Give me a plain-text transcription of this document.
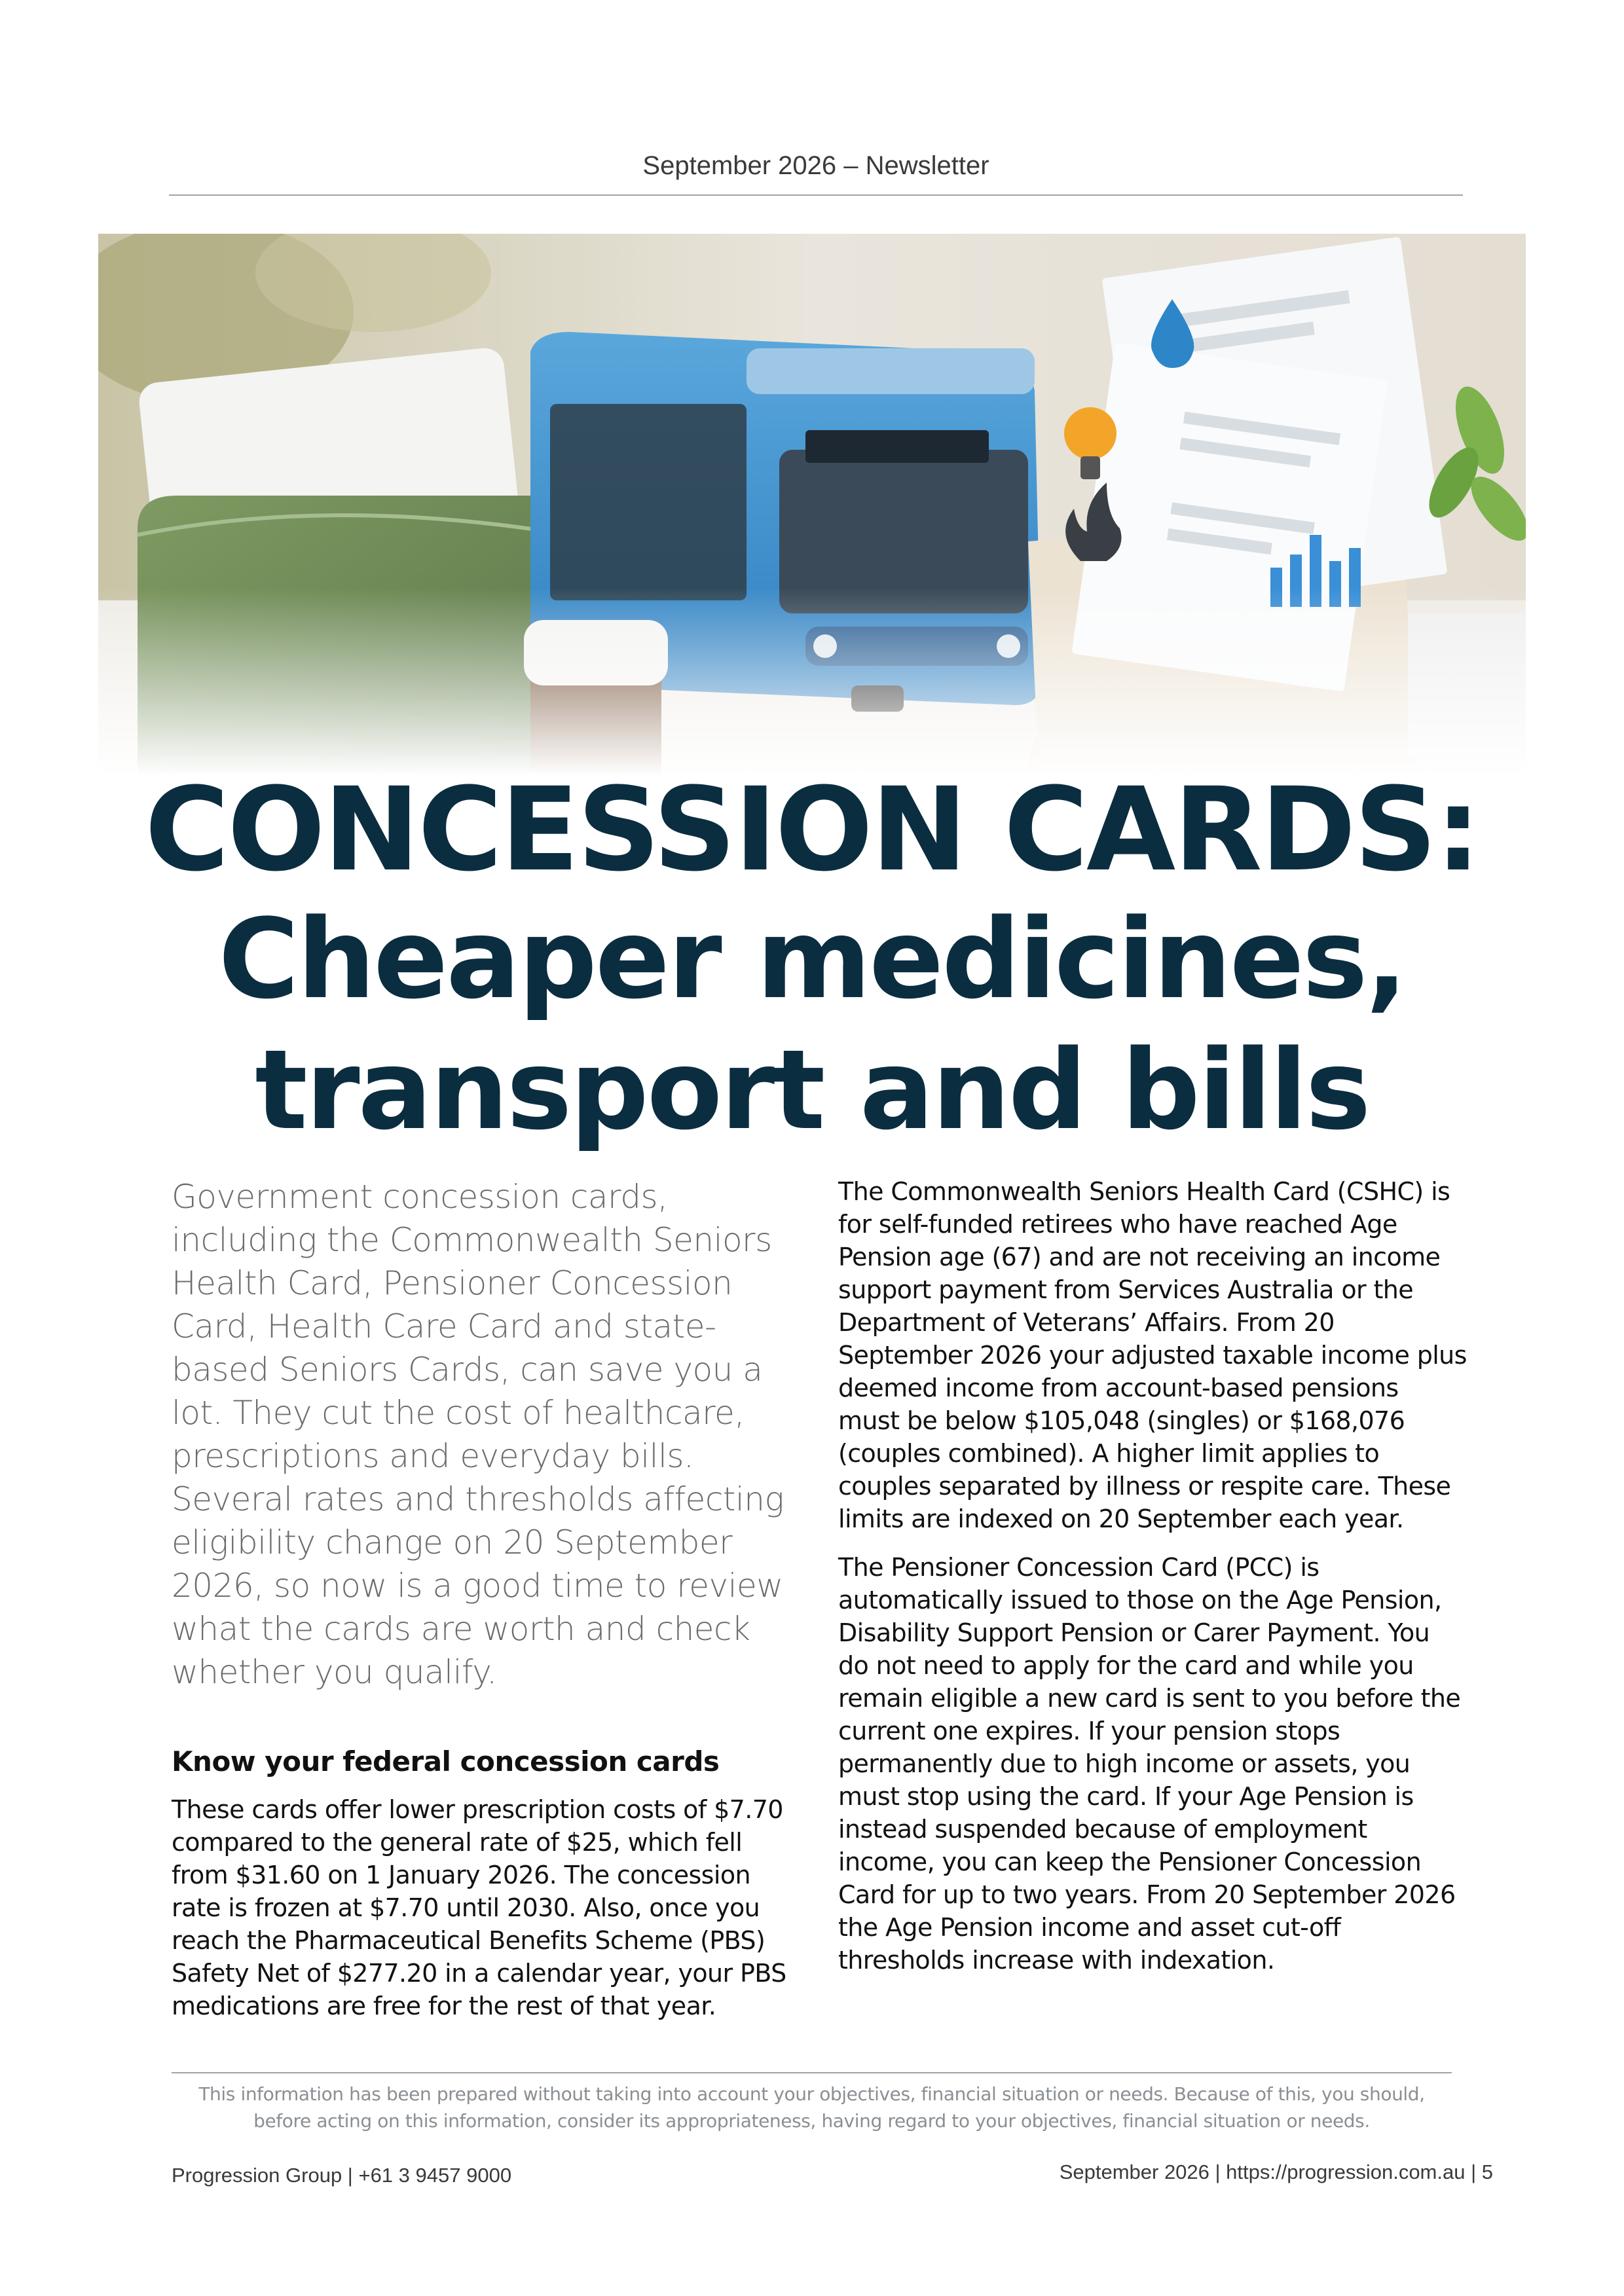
September 2026 – Newsletter
CONCESSION CARDS:
Cheaper medicines,
transport and bills

Government concession cards, including the Commonwealth Seniors Health Card, Pensioner Concession Card, Health Care Card and state-based Seniors Cards, can save you a lot. They cut the cost of healthcare, prescriptions and everyday bills. Several rates and thresholds affecting eligibility change on 20 September 2026, so now is a good time to review what the cards are worth and check whether you qualify.

Know your federal concession cards

These cards offer lower prescription costs of $7.70 compared to the general rate of $25, which fell from $31.60 on 1 January 2026. The concession rate is frozen at $7.70 until 2030. Also, once you reach the Pharmaceutical Benefits Scheme (PBS) Safety Net of $277.20 in a calendar year, your PBS medications are free for the rest of that year.

The Commonwealth Seniors Health Card (CSHC) is for self-funded retirees who have reached Age Pension age (67) and are not receiving an income support payment from Services Australia or the Department of Veterans’ Affairs. From 20 September 2026 your adjusted taxable income plus deemed income from account-based pensions must be below $105,048 (singles) or $168,076 (couples combined). A higher limit applies to couples separated by illness or respite care. These limits are indexed on 20 September each year.

The Pensioner Concession Card (PCC) is automatically issued to those on the Age Pension, Disability Support Pension or Carer Payment. You do not need to apply for the card and while you remain eligible a new card is sent to you before the current one expires. If your pension stops permanently due to high income or assets, you must stop using the card. If your Age Pension is instead suspended because of employment income, you can keep the Pensioner Concession Card for up to two years. From 20 September 2026 the Age Pension income and asset cut-off thresholds increase with indexation.

This information has been prepared without taking into account your objectives, financial situation or needs. Because of this, you should, before acting on this information, consider its appropriateness, having regard to your objectives, financial situation or needs.
Progression Group | +61 3 9457 9000	September 2026 | https://progression.com.au | 5
